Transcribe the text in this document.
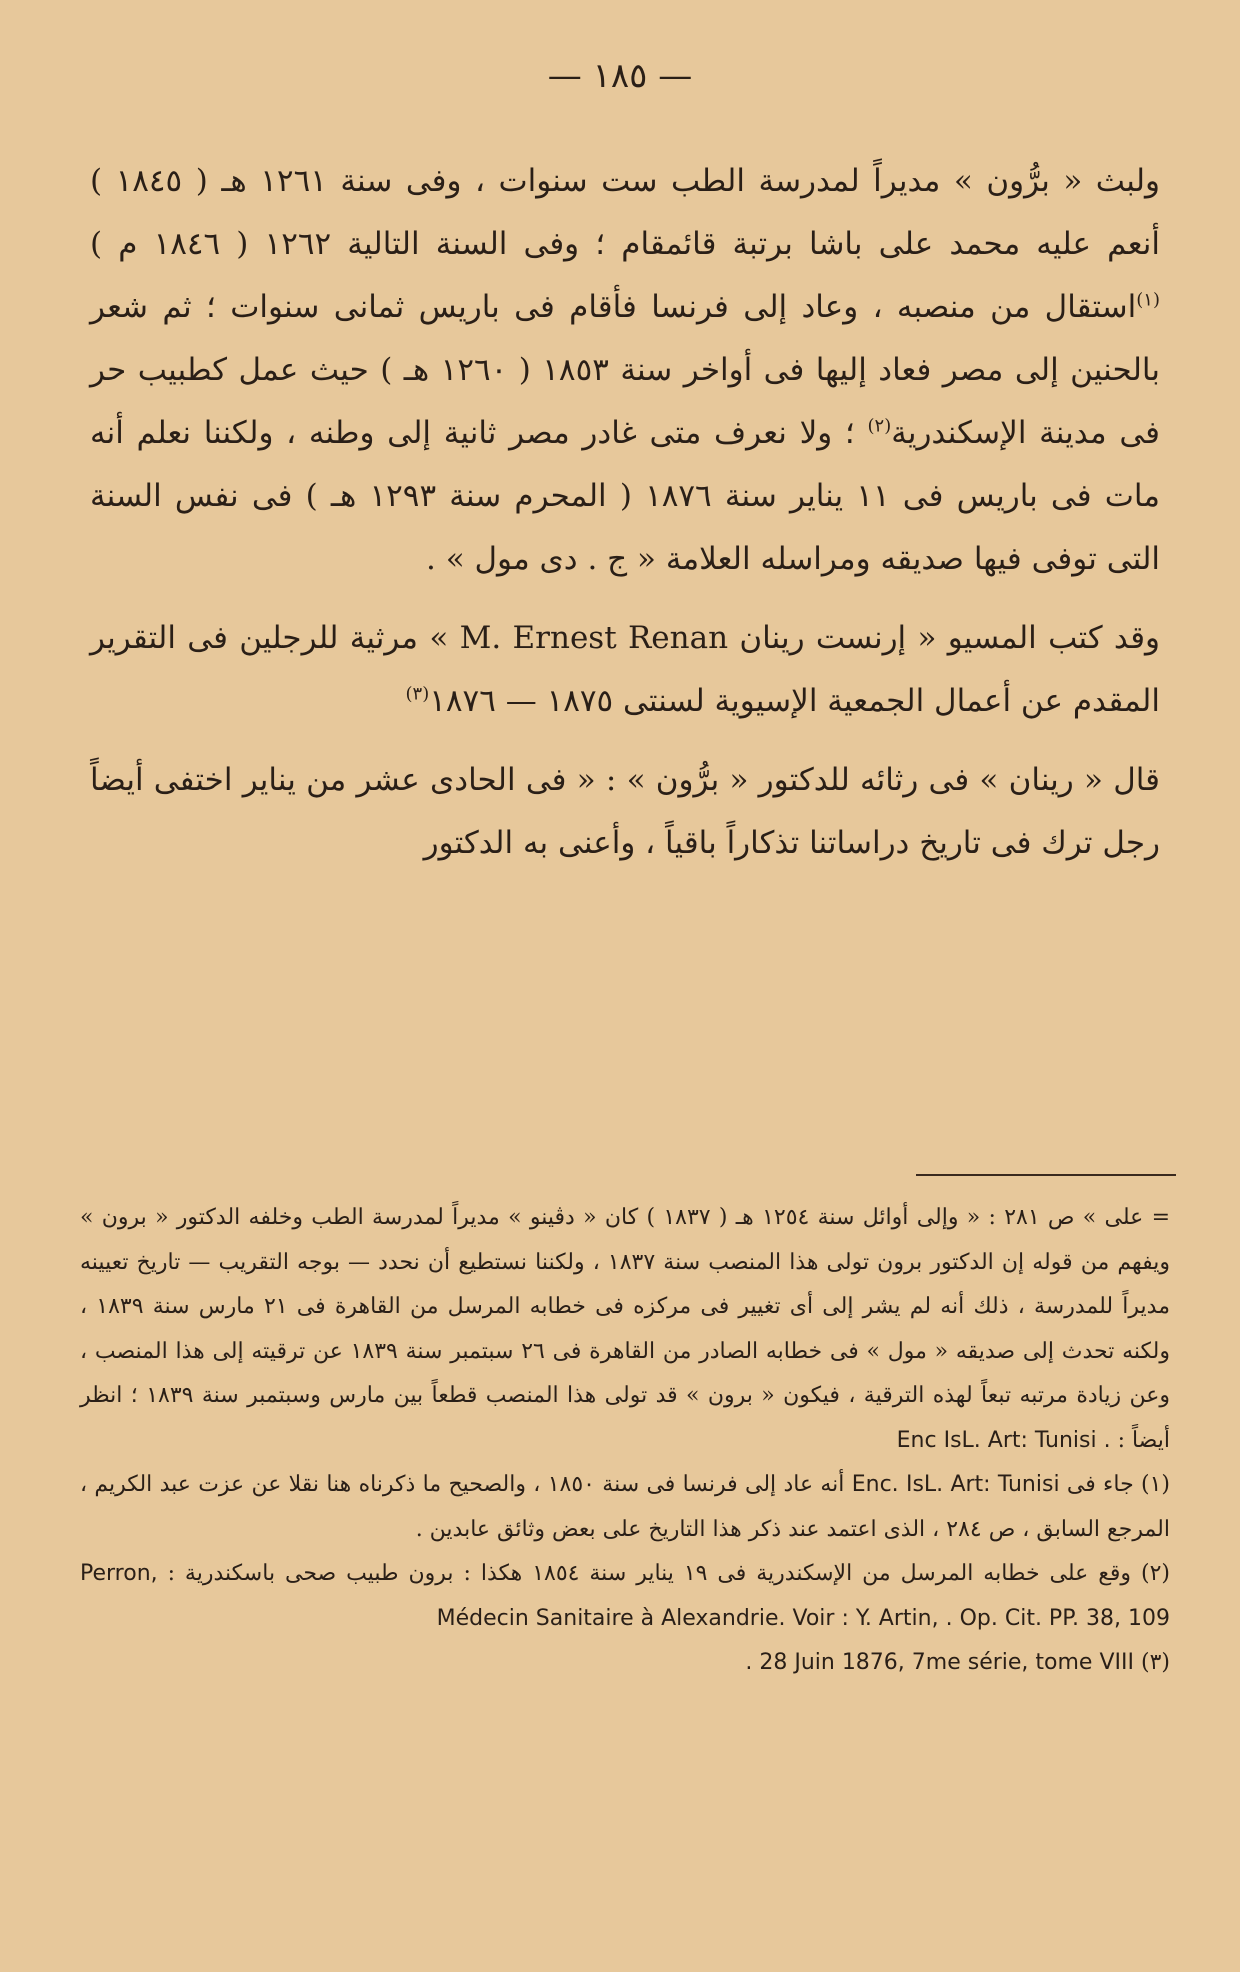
— ١٨٥ —

ولبث « برُّون » مديراً لمدرسة الطب ست سنوات ، وفى سنة ١٢٦١ هـ ( ١٨٤٥ ) أنعم عليه محمد على باشا برتبة قائمقام ؛ وفى السنة التالية ١٢٦٢ ( ١٨٤٦ م )$^{(١)}$استقال من منصبه ، وعاد إلى فرنسا فأقام فى باريس ثمانى سنوات ؛ ثم شعر بالحنين إلى مصر فعاد إليها فى أواخر سنة ١٨٥٣ ( ١٢٦٠ هـ ) حيث عمل كطبيب حر فى مدينة الإسكندرية$^{(٢)}$ ؛ ولا نعرف متى غادر مصر ثانية إلى وطنه ، ولكننا نعلم أنه مات فى باريس فى ١١ يناير سنة ١٨٧٦ ( المحرم سنة ١٢٩٣ هـ ) فى نفس السنة التى توفى فيها صديقه ومراسله العلامة « ج . دى مول » .

وقد كتب المسيو « إرنست رينان M. Ernest Renan » مرثية للرجلين فى التقرير المقدم عن أعمال الجمعية الإسيوية لسنتى ١٨٧٥ — ١٨٧٦$^{(٣)}$

قال « رينان » فى رثائه للدكتور « برُّون » : « فى الحادى عشر من يناير اختفى أيضاً رجل ترك فى تاريخ دراساتنا تذكاراً باقياً ، وأعنى به الدكتور

= على » ص ٢٨١ : « وإلى أوائل سنة ١٢٥٤ هـ ( ١٨٣٧ ) كان « دڤينو » مديراً لمدرسة الطب وخلفه الدكتور « برون » ويفهم من قوله إن الدكتور برون تولى هذا المنصب سنة ١٨٣٧ ، ولكننا نستطيع أن نحدد — بوجه التقريب — تاريخ تعيينه مديراً للمدرسة ، ذلك أنه لم يشر إلى أى تغيير فى مركزه فى خطابه المرسل من القاهرة فى ٢١ مارس سنة ١٨٣٩ ، ولكنه تحدث إلى صديقه « مول » فى خطابه الصادر من القاهرة فى ٢٦ سبتمبر سنة ١٨٣٩ عن ترقيته إلى هذا المنصب ، وعن زيادة مرتبه تبعاً لهذه الترقية ، فيكون « برون » قد تولى هذا المنصب قطعاً بين مارس وسبتمبر سنة ١٨٣٩ ؛ انظر أيضاً : Enc IsL. Art: Tunisi .

(١) جاء فى Enc. IsL. Art: Tunisi أنه عاد إلى فرنسا فى سنة ١٨٥٠ ، والصحيح ما ذكرناه هنا نقلا عن عزت عبد الكريم ، المرجع السابق ، ص ٢٨٤ ، الذى اعتمد عند ذكر هذا التاريخ على بعض وثائق عابدين .

(٢) وقع على خطابه المرسل من الإسكندرية فى ١٩ يناير سنة ١٨٥٤ هكذا : برون طبيب صحى باسكندرية : Perron, Médecin Sanitaire à Alexandrie. Voir : Y. Artin, . Op. Cit. PP. 38, 109

(٣) . 28 Juin 1876, 7me série, tome VIII
